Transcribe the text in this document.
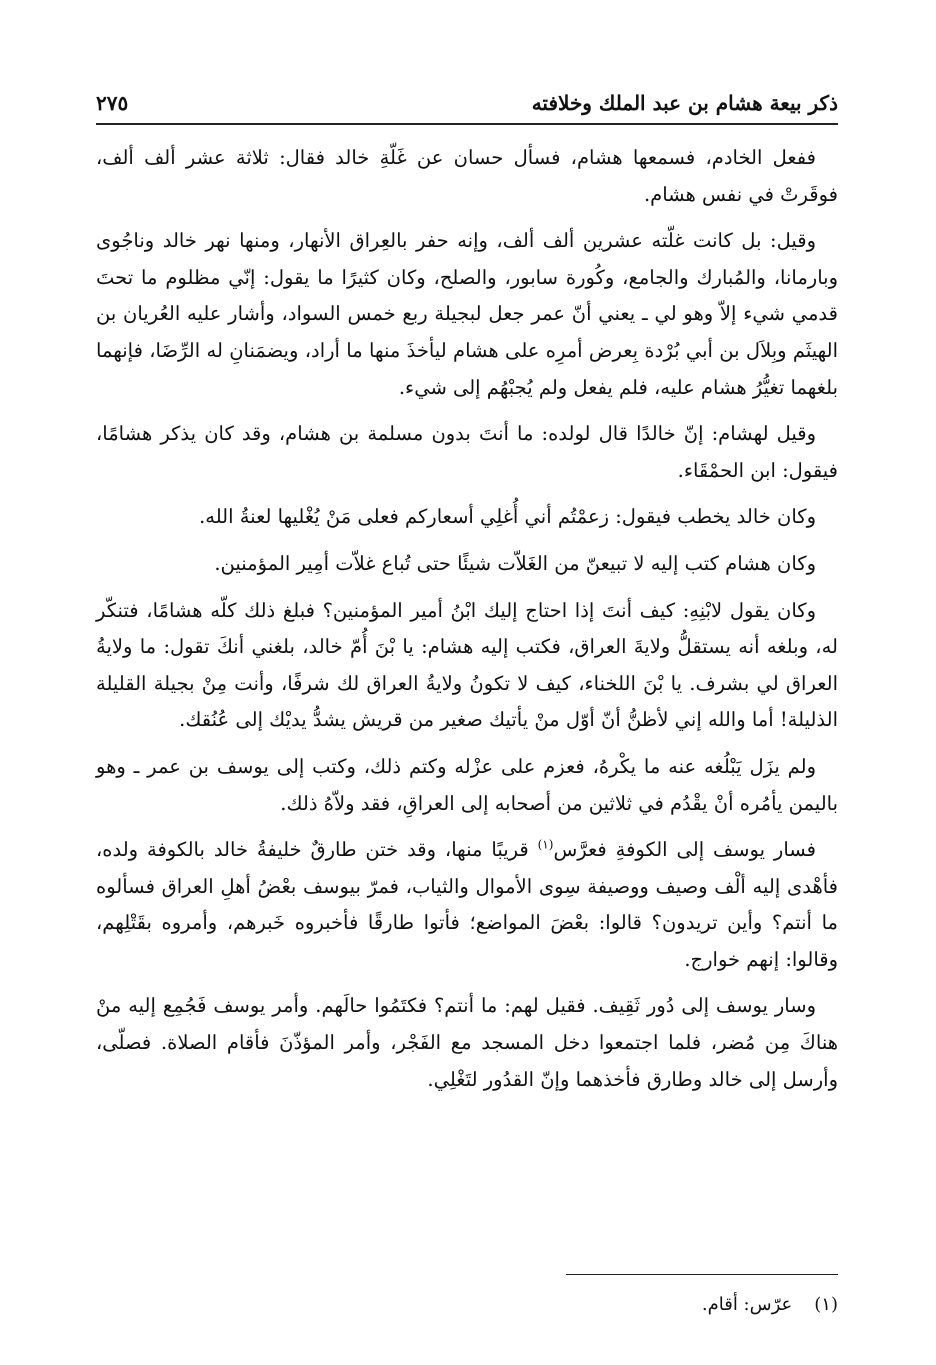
ذكر بيعة هشام بن عبد الملك وخلافته
٢٧٥

ففعل الخادم، فسمعها هشام، فسأل حسان عن غَلّةِ خالد فقال: ثلاثة عشر ألف ألف، فوقَرتْ في نفس هشام.

وقيل: بل كانت غلّته عشرين ألف ألف، وإنه حفر بالعِراق الأنهار، ومنها نهر خالد وناجُوى وبارمانا، والمُبارك والجامع، وكُورة سابور، والصلح، وكان كثيرًا ما يقول: إنّي مظلوم ما تحتَ قدمي شيء إلاّ وهو لي ـ يعني أنّ عمر جعل لبجيلة ربع خمس السواد، وأشار عليه العُريان بن الهيثَم وبِلاَل بن أبي بُرْدة بِعرض أمرِه على هشام ليأخذَ منها ما أراد، ويضمَنانِ له الرِّضَا، فإنهما بلغهما تغيُّرُ هشام عليه، فلم يفعل ولم يُجبْهُم إلى شيء.

وقيل لهشام: إنّ خالدًا قال لولده: ما أنتَ بدون مسلمة بن هشام، وقد كان يذكر هشامًا، فيقول: ابن الحمْقَاء.

وكان خالد يخطب فيقول: زعمْتُم أني أُغلِي أسعاركم فعلى مَنْ يُغْليها لعنةُ الله.

وكان هشام كتب إليه لا تبيعنّ من الغَلاّت شيئًا حتى تُباع غلاّت أمِير المؤمنين.

وكان يقول لابْنِهِ: كيف أنتَ إذا احتاج إليك ابْنُ أمير المؤمنين؟ فبلغ ذلك كلّه هشامًا، فتنكّر له، وبلغه أنه يستقلُّ ولايةَ العراق، فكتب إليه هشام: يا بْنَ أُمّ خالد، بلغني أنكَ تقول: ما ولايةُ العراق لي بشرف. يا بْنَ اللخناء، كيف لا تكونُ ولايةُ العراق لك شرفًا، وأنت مِنْ بجيلة القليلة الذليلة! أما والله إني لأظنُّ أنّ أوّل منْ يأتيك صغير من قريش يشدُّ يديْك إلى عُنُقك.

ولم يزَل يَبْلُغه عنه ما يكْرهُ، فعزم على عزْله وكتم ذلك، وكتب إلى يوسف بن عمر ـ وهو باليمن يأمُره أنْ يقْدُم في ثلاثين من أصحابه إلى العراقِ، فقد ولاّهُ ذلك.

فسار يوسف إلى الكوفةِ فعرَّس$^{(١)}$ قريبًا منها، وقد ختن طارقٌ خليفةُ خالد بالكوفة ولده، فأهْدى إليه ألْف وصيف ووصيفة سِوى الأموال والثياب، فمرّ بيوسف بعْضُ أهلِ العراق فسألوه ما أنتم؟ وأين تريدون؟ قالوا: بعْضَ المواضع؛ فأتوا طارقًا فأخبروه خَبرهم، وأمروه بقَتْلِهم، وقالوا: إنهم خوارج.

وسار يوسف إلى دُور ثَقِيف. فقيل لهم: ما أنتم؟ فكتَمُوا حالَهم. وأمر يوسف فَجُمِع إليه منْ هناكَ مِن مُضر، فلما اجتمعوا دخل المسجد مع الفَجْر، وأمر المؤذّنَ فأقام الصلاة. فصلّى، وأرسل إلى خالد وطارق فأخذهما وإنّ القدُور لتَغْلِي.

(١)عرّس: أقام.
